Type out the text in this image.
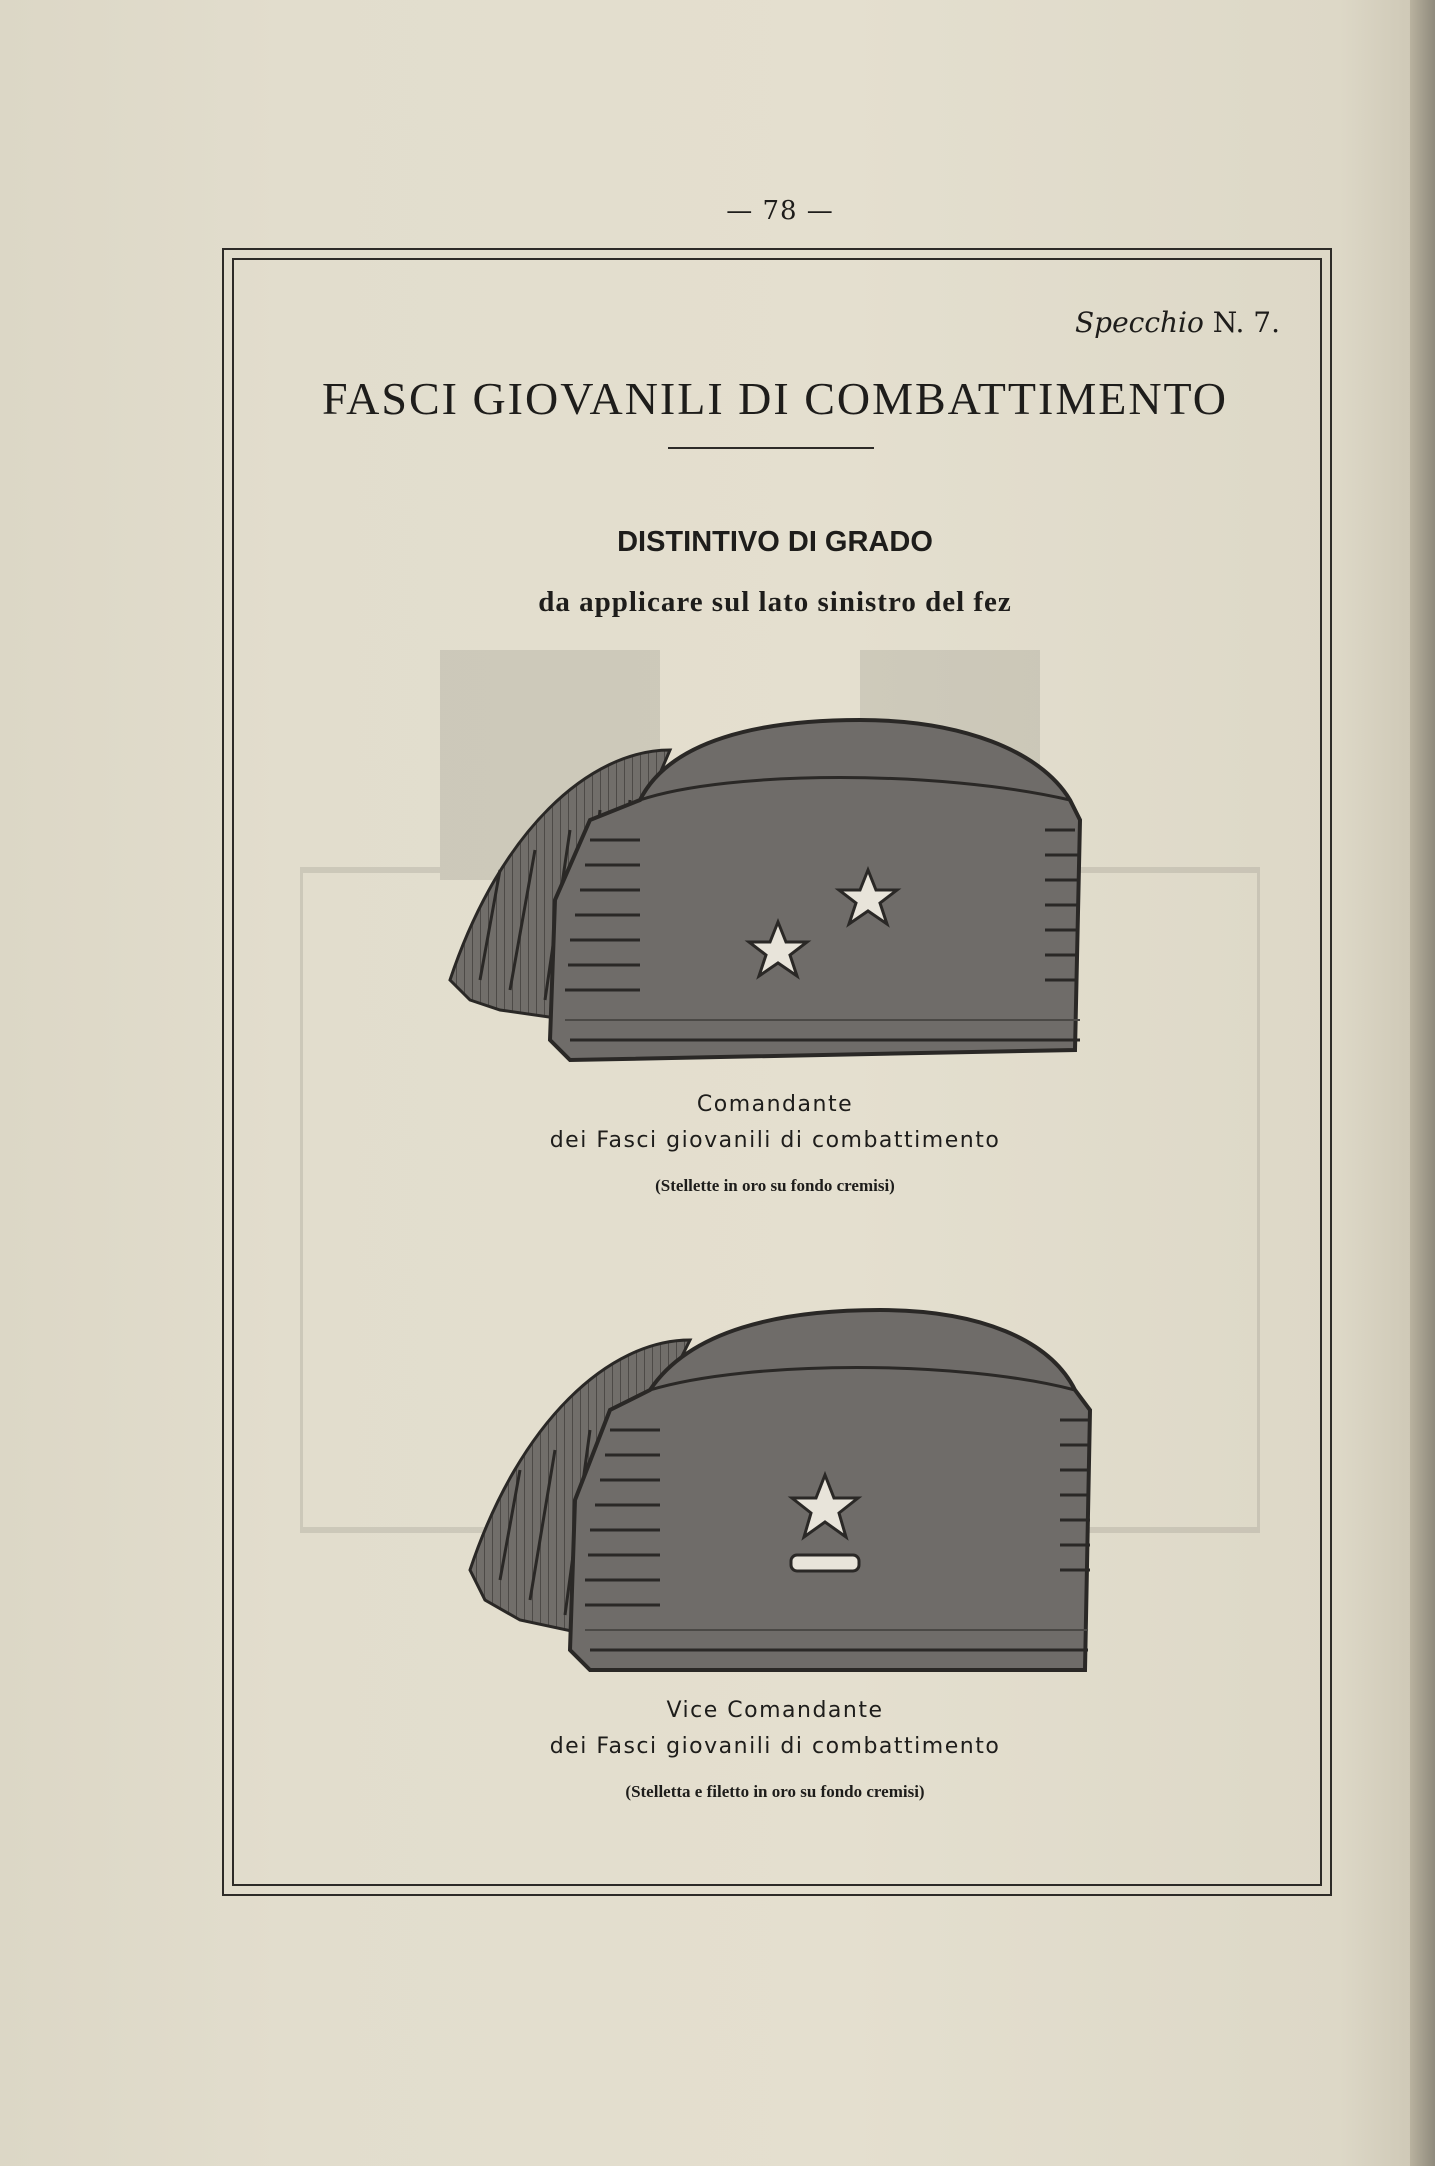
— 78 —
Specchio N. 7.
FASCI GIOVANILI DI COMBATTIMENTO
DISTINTIVO DI GRADO
da applicare sul lato sinistro del fez
Comandante
dei Fasci giovanili di combattimento
(Stellette in oro su fondo cremisi)
Vice Comandante
dei Fasci giovanili di combattimento
(Stelletta e filetto in oro su fondo cremisi)
